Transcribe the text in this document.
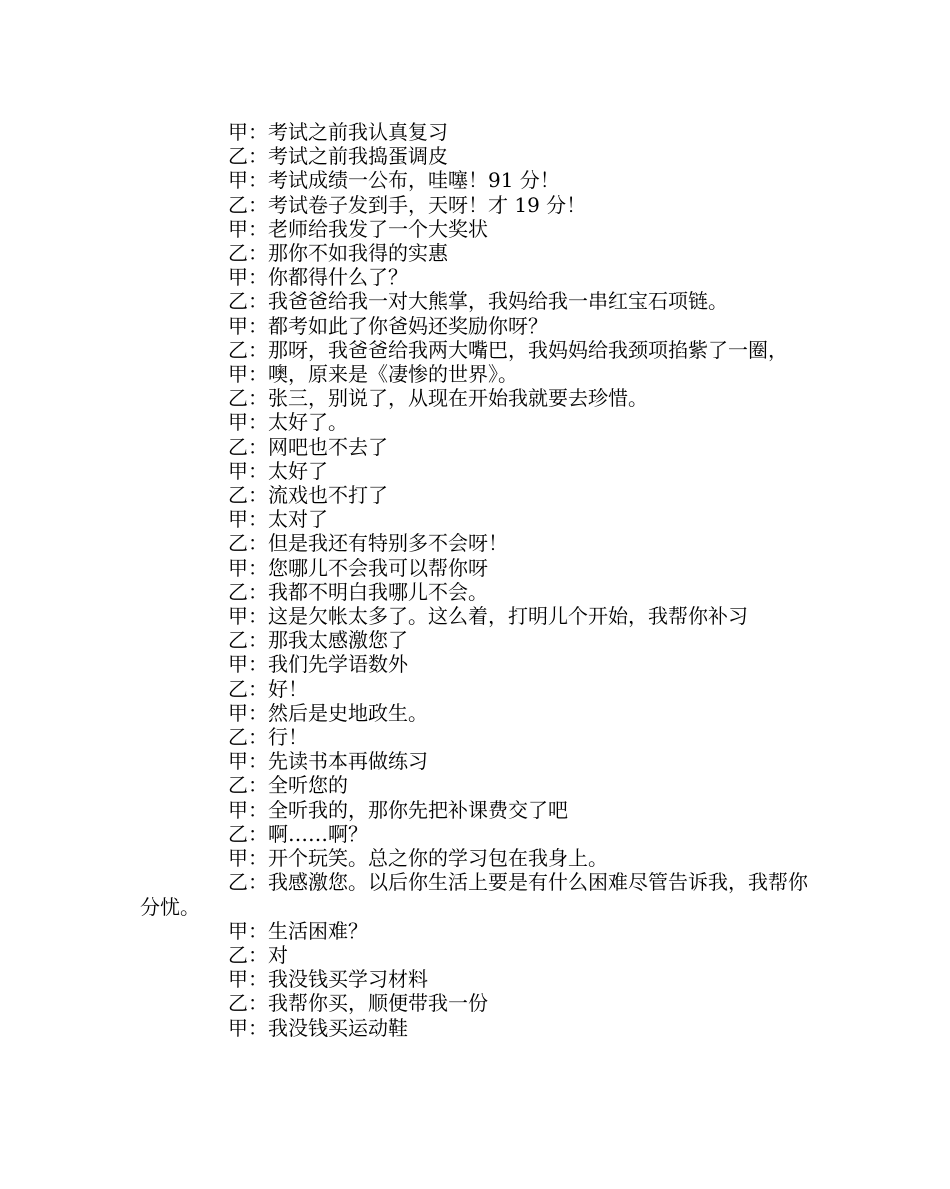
甲：考试之前我认真复习
乙：考试之前我捣蛋调皮
甲：考试成绩一公布，哇噻！91 分！
乙：考试卷子发到手，天呀！才 19 分！
甲：老师给我发了一个大奖状
乙：那你不如我得的实惠
甲：你都得什么了？
乙：我爸爸给我一对大熊掌，我妈给我一串红宝石项链。
甲：都考如此了你爸妈还奖励你呀？
乙：那呀，我爸爸给我两大嘴巴，我妈妈给我颈项掐紫了一圈，
甲：噢，原来是《凄惨的世界》。
乙：张三，别说了，从现在开始我就要去珍惜。
甲：太好了。
乙：网吧也不去了
甲：太好了
乙：流戏也不打了
甲：太对了
乙：但是我还有特别多不会呀！
甲：您哪儿不会我可以帮你呀
乙：我都不明白我哪儿不会。
甲：这是欠帐太多了。这么着，打明儿个开始，我帮你补习
乙：那我太感激您了
甲：我们先学语数外
乙：好！
甲：然后是史地政生。
乙：行！
甲：先读书本再做练习
乙：全听您的
甲：全听我的，那你先把补课费交了吧
乙：啊……啊？
甲：开个玩笑。总之你的学习包在我身上。
乙：我感激您。以后你生活上要是有什么困难尽管告诉我，我帮你分忧。
甲：生活困难？
乙：对
甲：我没钱买学习材料
乙：我帮你买，顺便带我一份
甲：我没钱买运动鞋
